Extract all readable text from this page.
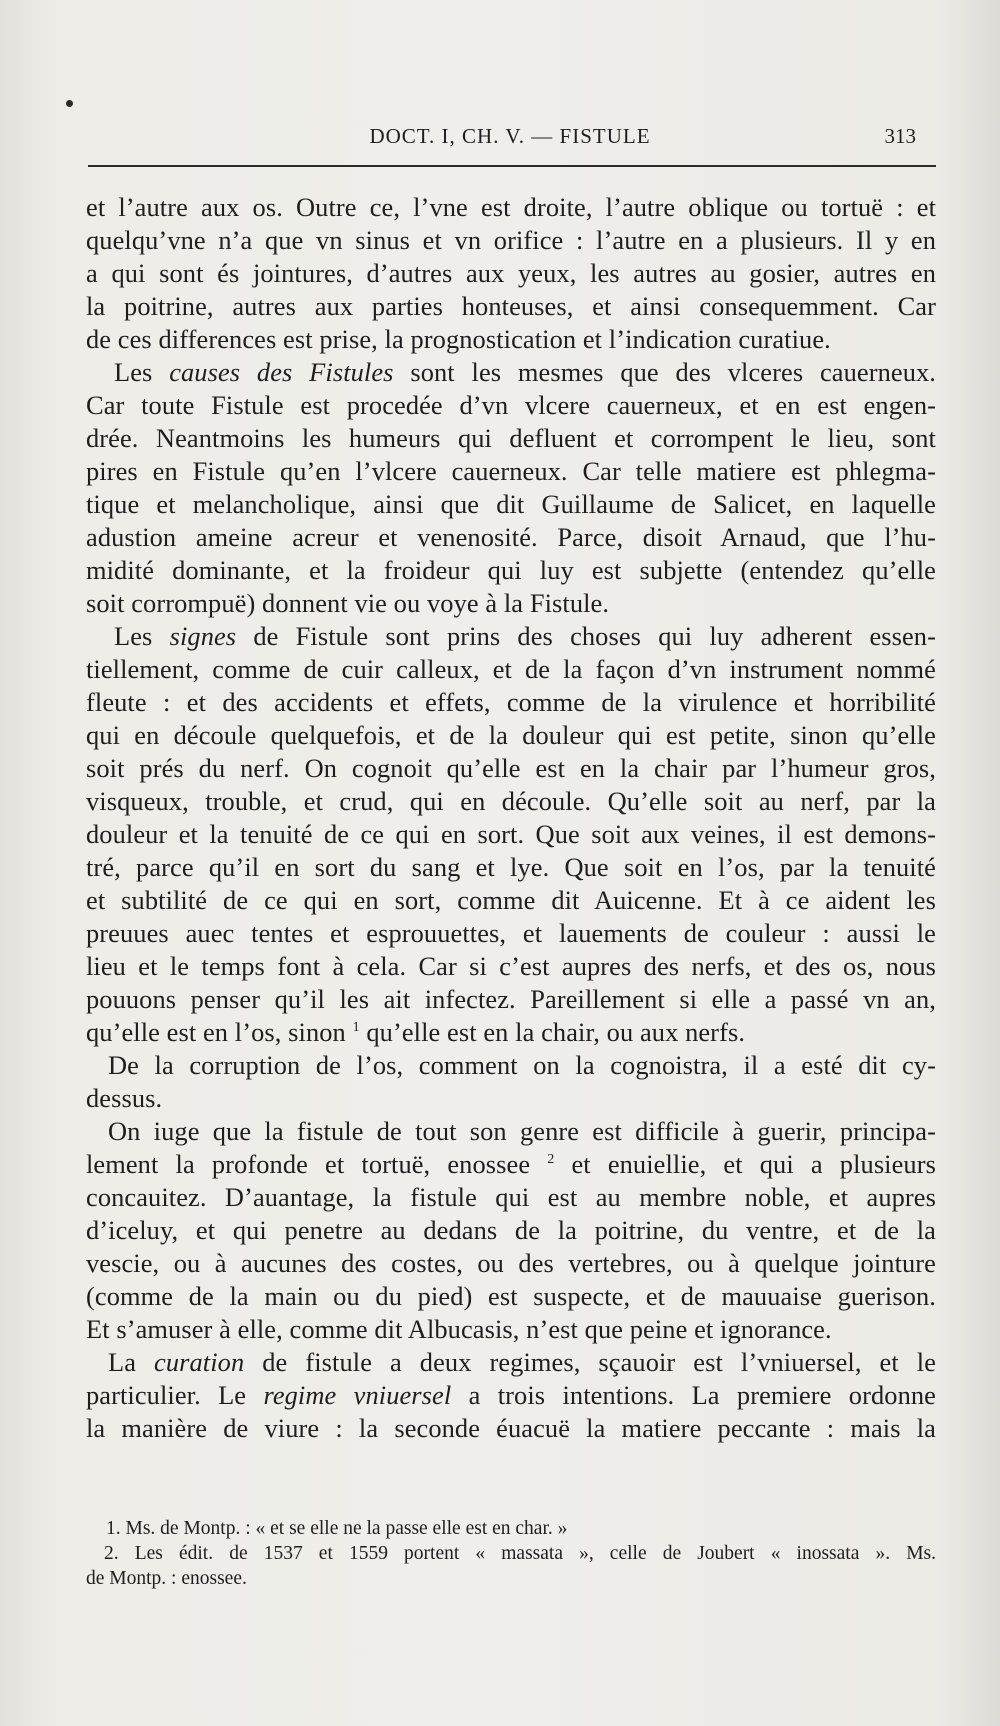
DOCT. I, CH. V. — FISTULE	313
et l’autre aux os. Outre ce, l’vne est droite, l’autre oblique ou tortuë : et
quelqu’vne n’a que vn sinus et vn orifice : l’autre en a plusieurs. Il y en
a qui sont és jointures, d’autres aux yeux, les autres au gosier, autres en
la poitrine, autres aux parties honteuses, et ainsi consequemment. Car
de ces differences est prise, la prognostication et l’indication curatiue.
Les causes des Fistules sont les mesmes que des vlceres cauerneux.
Car toute Fistule est procedée d’vn vlcere cauerneux, et en est engen-
drée. Neantmoins les humeurs qui defluent et corrompent le lieu, sont
pires en Fistule qu’en l’vlcere cauerneux. Car telle matiere est phlegma-
tique et melancholique, ainsi que dit Guillaume de Salicet, en laquelle
adustion ameine acreur et venenosité. Parce, disoit Arnaud, que l’hu-
midité dominante, et la froideur qui luy est subjette (entendez qu’elle
soit corrompuë) donnent vie ou voye à la Fistule.
Les signes de Fistule sont prins des choses qui luy adherent essen-
tiellement, comme de cuir calleux, et de la façon d’vn instrument nommé
fleute : et des accidents et effets, comme de la virulence et horribilité
qui en découle quelquefois, et de la douleur qui est petite, sinon qu’elle
soit prés du nerf. On cognoit qu’elle est en la chair par l’humeur gros,
visqueux, trouble, et crud, qui en découle. Qu’elle soit au nerf, par la
douleur et la tenuité de ce qui en sort. Que soit aux veines, il est demons-
tré, parce qu’il en sort du sang et lye. Que soit en l’os, par la tenuité
et subtilité de ce qui en sort, comme dit Auicenne. Et à ce aident les
preuues auec tentes et esprouuettes, et lauements de couleur : aussi le
lieu et le temps font à cela. Car si c’est aupres des nerfs, et des os, nous
pouuons penser qu’il les ait infectez. Pareillement si elle a passé vn an,
qu’elle est en l’os, sinon $^1$ qu’elle est en la chair, ou aux nerfs.
De la corruption de l’os, comment on la cognoistra, il a esté dit cy-
dessus.
On iuge que la fistule de tout son genre est difficile à guerir, principa-
lement la profonde et tortuë, enossee $^2$ et enuiellie, et qui a plusieurs
concauitez. D’auantage, la fistule qui est au membre noble, et aupres
d’iceluy, et qui penetre au dedans de la poitrine, du ventre, et de la
vescie, ou à aucunes des costes, ou des vertebres, ou à quelque jointure
(comme de la main ou du pied) est suspecte, et de mauuaise guerison.
Et s’amuser à elle, comme dit Albucasis, n’est que peine et ignorance.
La curation de fistule a deux regimes, sçauoir est l’vniuersel, et le
particulier. Le regime vniuersel a trois intentions. La premiere ordonne
la manière de viure : la seconde éuacuë la matiere peccante : mais la
1. Ms. de Montp. : « et se elle ne la passe elle est en char. »
2. Les édit. de 1537 et 1559 portent « massata », celle de Joubert « inossata ». Ms.
de Montp. : enossee.
